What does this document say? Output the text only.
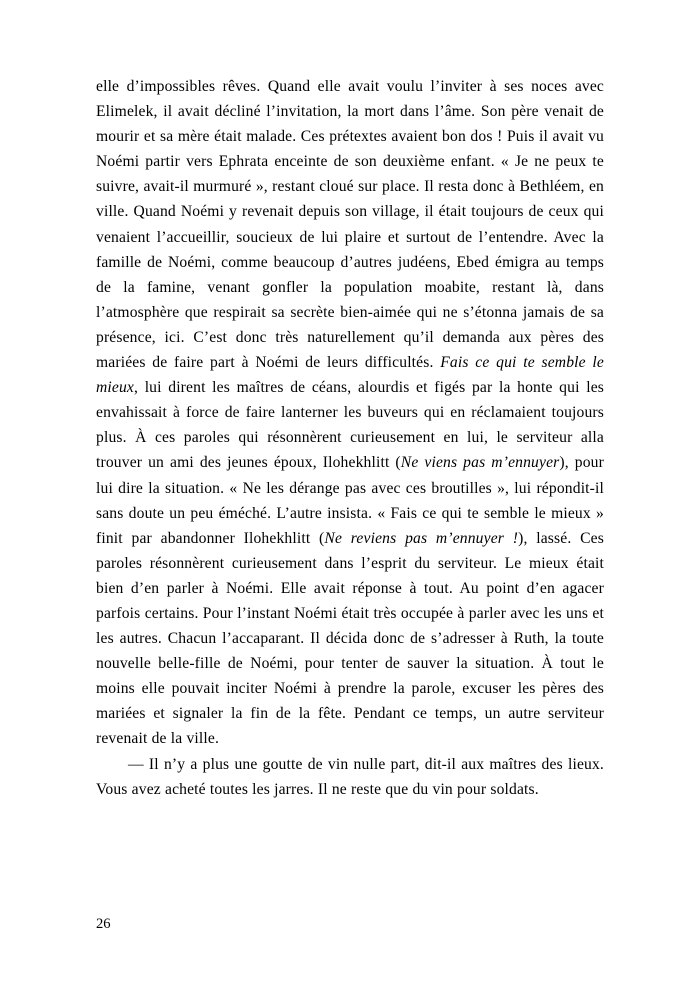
elle d’impossibles rêves. Quand elle avait voulu l’inviter à ses noces avec Elimelek, il avait décliné l’invitation, la mort dans l’âme. Son père venait de mourir et sa mère était malade. Ces prétextes avaient bon dos ! Puis il avait vu Noémi partir vers Ephrata enceinte de son deuxième enfant. « Je ne peux te suivre, avait-il murmuré », restant cloué sur place. Il resta donc à Bethléem, en ville. Quand Noémi y revenait depuis son village, il était toujours de ceux qui venaient l’accueillir, soucieux de lui plaire et surtout de l’entendre. Avec la famille de Noémi, comme beaucoup d’autres judéens, Ebed émigra au temps de la famine, venant gonfler la population moabite, restant là, dans l’atmosphère que respirait sa secrète bien-aimée qui ne s’étonna jamais de sa présence, ici. C’est donc très naturellement qu’il demanda aux pères des mariées de faire part à Noémi de leurs difficultés. Fais ce qui te semble le mieux, lui dirent les maîtres de céans, alourdis et figés par la honte qui les envahissait à force de faire lanterner les buveurs qui en réclamaient toujours plus. À ces paroles qui résonnèrent curieusement en lui, le serviteur alla trouver un ami des jeunes époux, Ilohekhlitt (Ne viens pas m’ennuyer), pour lui dire la situation. « Ne les dérange pas avec ces broutilles », lui répondit-il sans doute un peu éméché. L’autre insista. « Fais ce qui te semble le mieux » finit par abandonner Ilohekhlitt (Ne reviens pas m’ennuyer !), lassé. Ces paroles résonnèrent curieusement dans l’esprit du serviteur. Le mieux était bien d’en parler à Noémi. Elle avait réponse à tout. Au point d’en agacer parfois certains. Pour l’instant Noémi était très occupée à parler avec les uns et les autres. Chacun l’accaparant. Il décida donc de s’adresser à Ruth, la toute nouvelle belle-fille de Noémi, pour tenter de sauver la situation. À tout le moins elle pouvait inciter Noémi à prendre la parole, excuser les pères des mariées et signaler la fin de la fête. Pendant ce temps, un autre serviteur revenait de la ville.

— Il n’y a plus une goutte de vin nulle part, dit-il aux maîtres des lieux. Vous avez acheté toutes les jarres. Il ne reste que du vin pour soldats.

26
